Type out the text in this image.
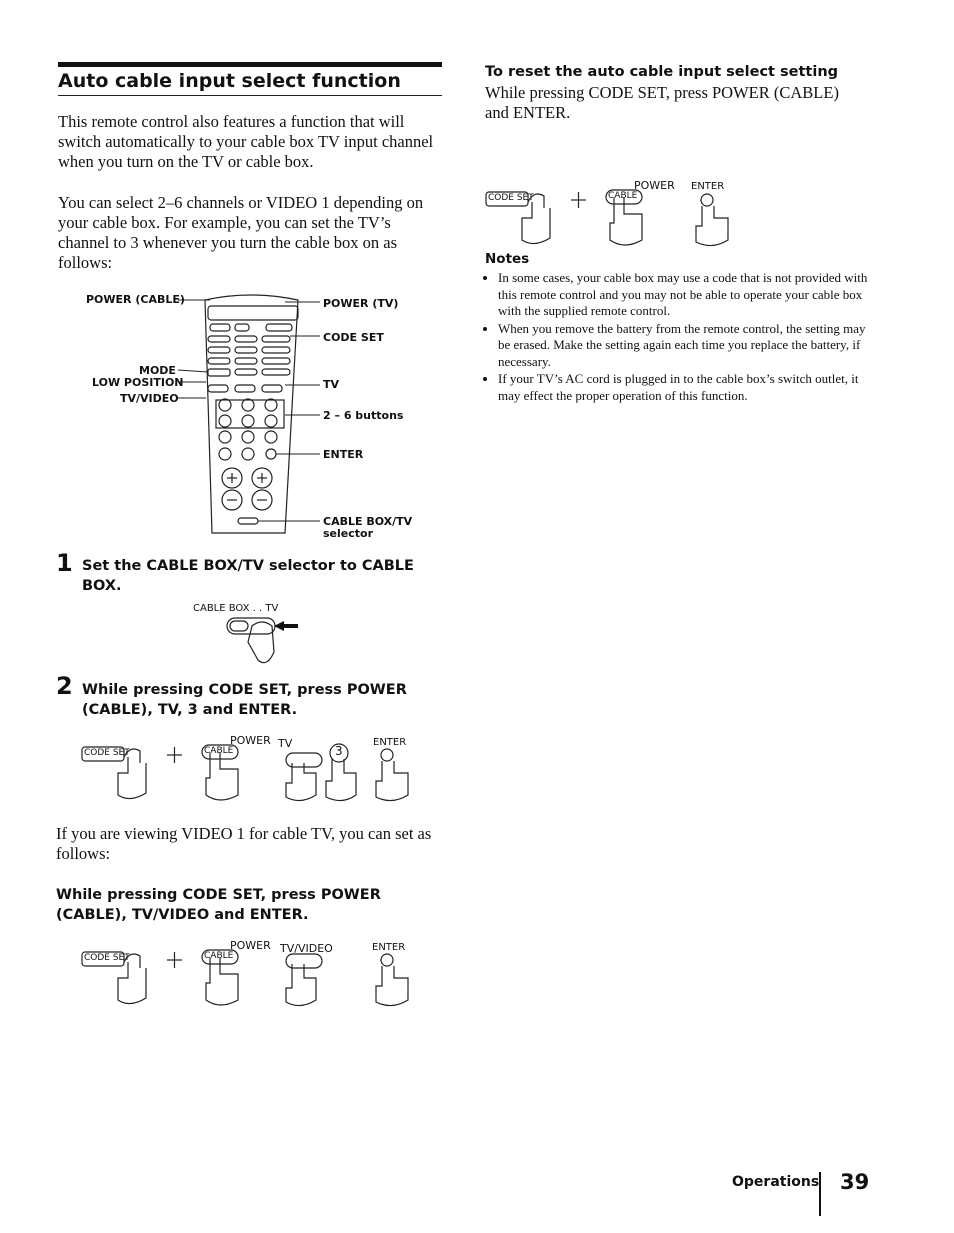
Auto cable input select function
This remote control also features a function that will switch automatically to your cable box TV input channel when you turn on the TV or cable box.
You can select 2–6 channels or VIDEO 1 depending on your cable box. For example, you can set the TV’s channel to 3 whenever you turn the cable box on as follows:
POWER (CABLE)	POWER (TV)
CODE SET
MODE
LOW POSITION
TV/VIDEO
TV
2 – 6 buttons
ENTER
CABLE BOX/TV
selector
1 Set the CABLE BOX/TV selector to CABLE BOX.
CABLE BOX . . TV
2 While pressing CODE SET, press POWER (CABLE), TV, 3 and ENTER.
CODE SET
POWER
CABLE
TV
3
ENTER
If you are viewing VIDEO 1 for cable TV, you can set as follows:
While pressing CODE SET, press POWER (CABLE), TV/VIDEO and ENTER.
CODE SET
POWER
CABLE
TV/VIDEO	ENTER
To reset the auto cable input select setting
While pressing CODE SET, press POWER (CABLE) and ENTER.
CODE SET
POWER
CABLE
ENTER
Notes
• In some cases, your cable box may use a code that is not provided with this remote control and you may not be able to operate your cable box with the supplied remote control.
• When you remove the battery from the remote control, the setting may be erased. Make the setting again each time you replace the battery, if necessary.
• If your TV’s AC cord is plugged in to the cable box’s switch outlet, it may effect the proper operation of this function.
Operations 39
